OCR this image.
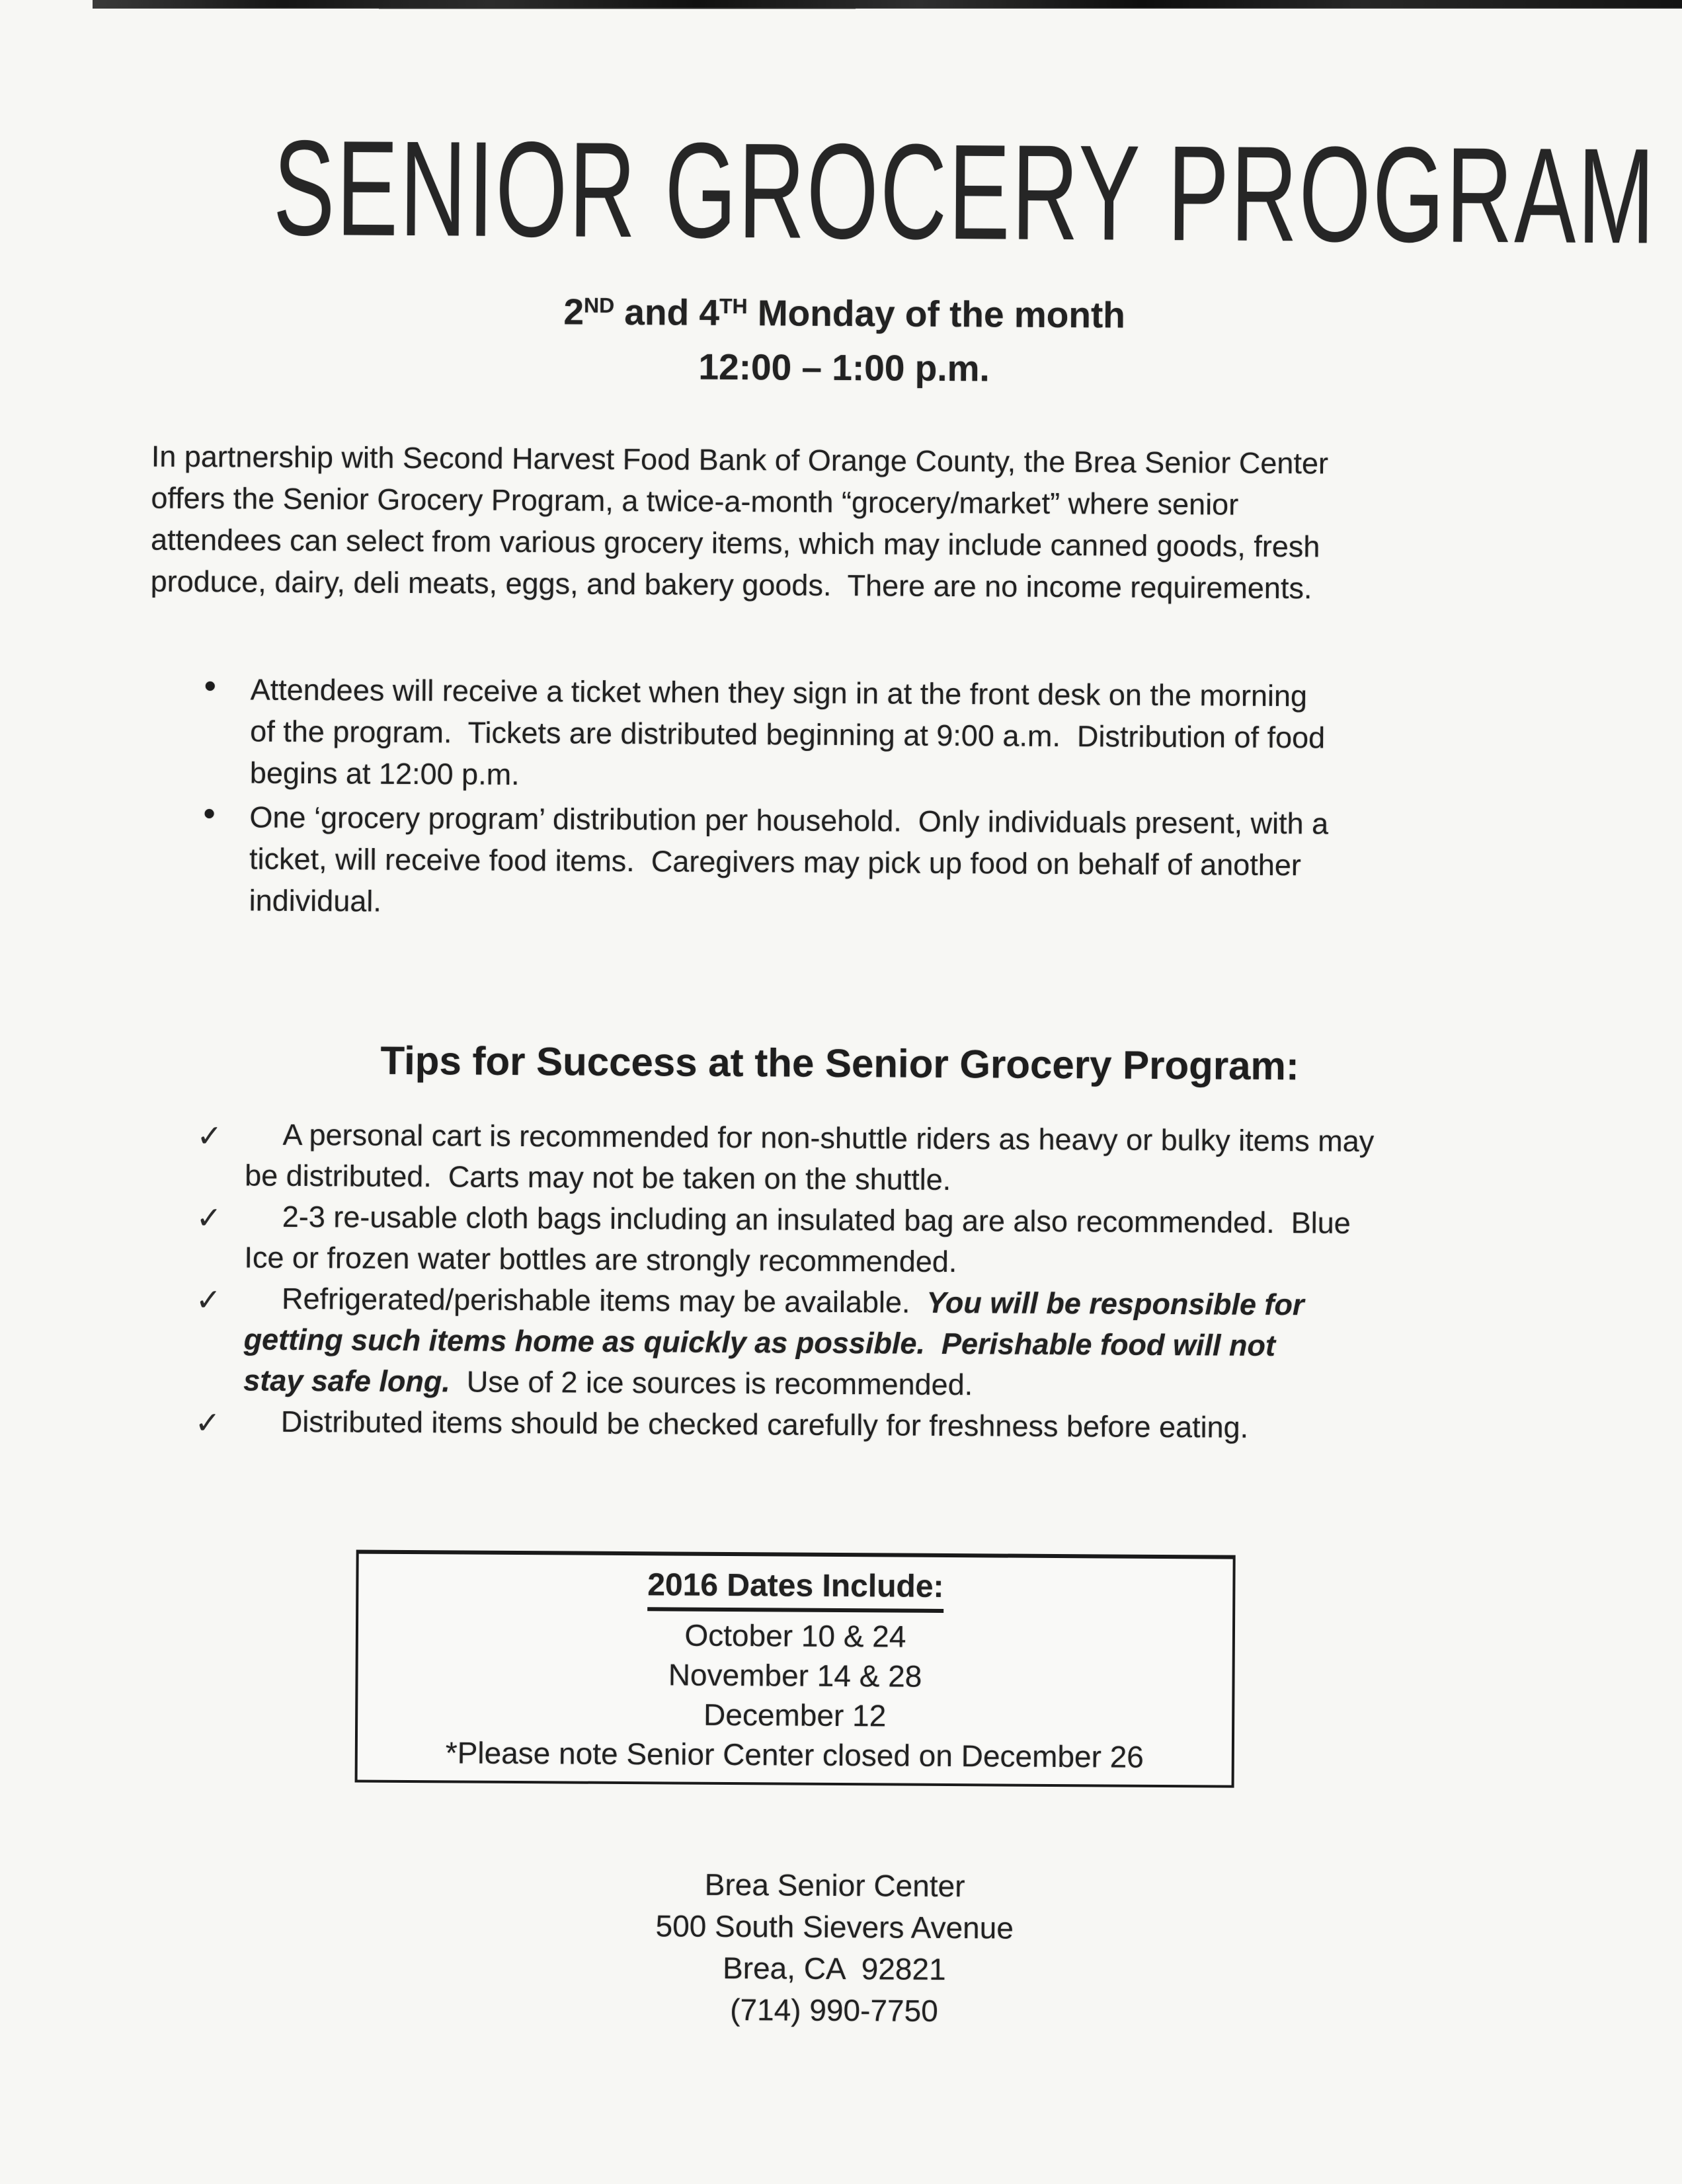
SENIOR GROCERY PROGRAM
2ND and 4TH Monday of the month
12:00 – 1:00 p.m.
In partnership with Second Harvest Food Bank of Orange County, the Brea Senior Center
offers the Senior Grocery Program, a twice-a-month “grocery/market” where senior
attendees can select from various grocery items, which may include canned goods, fresh
produce, dairy, deli meats, eggs, and bakery goods.  There are no income requirements.
• Attendees will receive a ticket when they sign in at the front desk on the morning
of the program.  Tickets are distributed beginning at 9:00 a.m.  Distribution of food
begins at 12:00 p.m.
• One ‘grocery program’ distribution per household.  Only individuals present, with a
ticket, will receive food items.  Caregivers may pick up food on behalf of another
individual.
Tips for Success at the Senior Grocery Program:
✓	A personal cart is recommended for non-shuttle riders as heavy or bulky items may
be distributed.  Carts may not be taken on the shuttle.
✓	2-3 re-usable cloth bags including an insulated bag are also recommended.  Blue
Ice or frozen water bottles are strongly recommended.
✓	Refrigerated/perishable items may be available.  You will be responsible for
getting such items home as quickly as possible.  Perishable food will not
stay safe long.  Use of 2 ice sources is recommended.
✓	Distributed items should be checked carefully for freshness before eating.
2016 Dates Include:
October 10 & 24
November 14 & 28
December 12
*Please note Senior Center closed on December 26
Brea Senior Center
500 South Sievers Avenue
Brea, CA  92821
(714) 990-7750
